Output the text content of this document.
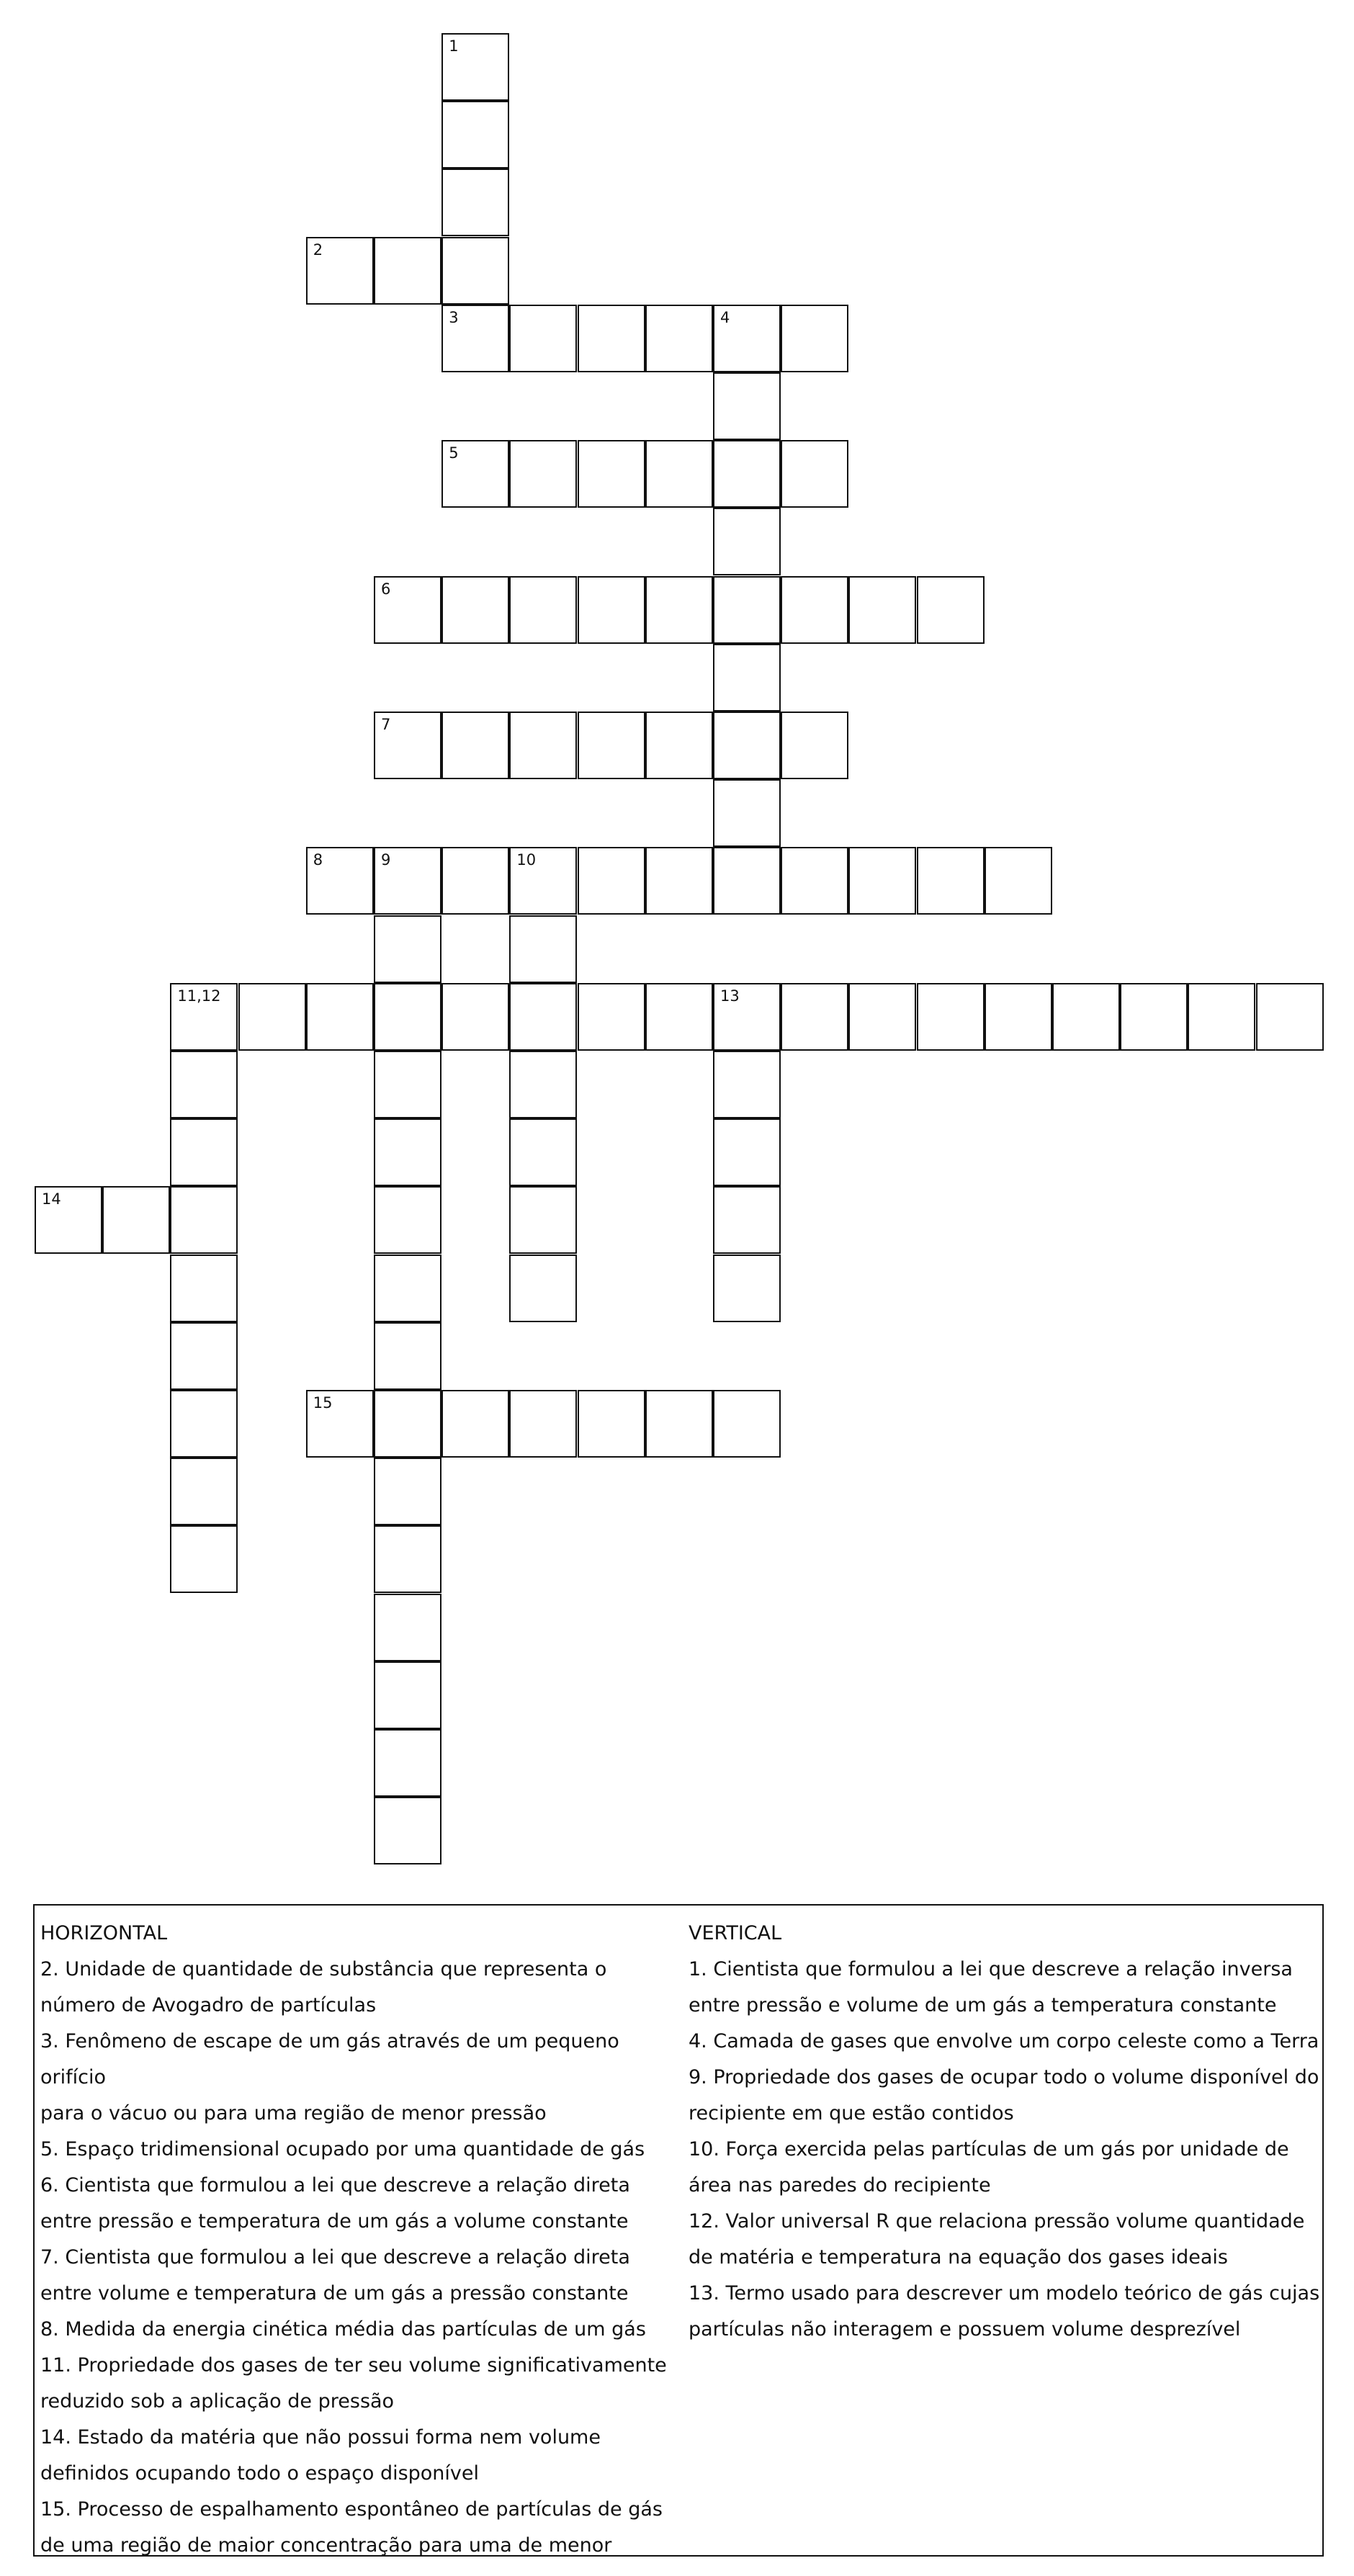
1
2
3	4
5
6
7
8	9	10
11,12	13
14
15

HORIZONTAL

2. Unidade de quantidade de substância que representa o

número de Avogadro de partículas

3. Fenômeno de escape de um gás através de um pequeno orifício

para o vácuo ou para uma região de menor pressão

5. Espaço tridimensional ocupado por uma quantidade de gás

6. Cientista que formulou a lei que descreve a relação direta

entre pressão e temperatura de um gás a volume constante

7. Cientista que formulou a lei que descreve a relação direta

entre volume e temperatura de um gás a pressão constante

8. Medida da energia cinética média das partículas de um gás

11. Propriedade dos gases de ter seu volume significativamente

reduzido sob a aplicação de pressão

14. Estado da matéria que não possui forma nem volume

definidos ocupando todo o espaço disponível

15. Processo de espalhamento espontâneo de partículas de gás

de uma região de maior concentração para uma de menor

VERTICAL

1. Cientista que formulou a lei que descreve a relação inversa

entre pressão e volume de um gás a temperatura constante

4. Camada de gases que envolve um corpo celeste como a Terra

9. Propriedade dos gases de ocupar todo o volume disponível do

recipiente em que estão contidos

10. Força exercida pelas partículas de um gás por unidade de

área nas paredes do recipiente

12. Valor universal R que relaciona pressão volume quantidade

de matéria e temperatura na equação dos gases ideais

13. Termo usado para descrever um modelo teórico de gás cujas

partículas não interagem e possuem volume desprezível
